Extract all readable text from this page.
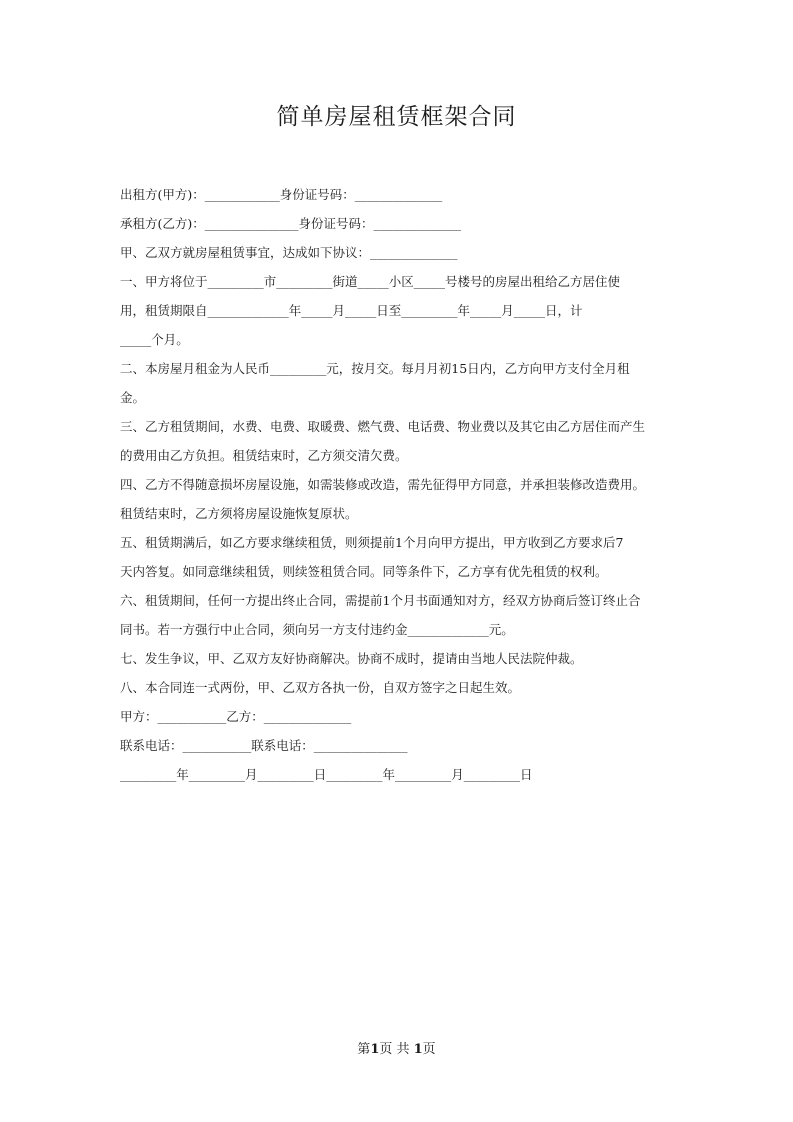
简单房屋租赁框架合同
出租方(甲方)：____________身份证号码：______________
承租方(乙方)：_______________身份证号码：______________
甲、乙双方就房屋租赁事宜，达成如下协议：______________
一、甲方将位于_________市_________街道_____小区_____号楼号的房屋出租给乙方居住使
用，租赁期限自_____________年_____月_____日至_________年_____月_____日，计
_____个月。
二、本房屋月租金为人民币_________元，按月交。每月月初15日内，乙方向甲方支付全月租
金。
三、乙方租赁期间，水费、电费、取暖费、燃气费、电话费、物业费以及其它由乙方居住而产生
的费用由乙方负担。租赁结束时，乙方须交清欠费。
四、乙方不得随意损坏房屋设施，如需装修或改造，需先征得甲方同意，并承担装修改造费用。
租赁结束时，乙方须将房屋设施恢复原状。
五、租赁期满后，如乙方要求继续租赁，则须提前1个月向甲方提出，甲方收到乙方要求后7
天内答复。如同意继续租赁，则续签租赁合同。同等条件下，乙方享有优先租赁的权利。
六、租赁期间，任何一方提出终止合同，需提前1个月书面通知对方，经双方协商后签订终止合
同书。若一方强行中止合同，须向另一方支付违约金_____________元。
七、发生争议，甲、乙双方友好协商解决。协商不成时，提请由当地人民法院仲裁。
八、本合同连一式两份，甲、乙双方各执一份，自双方签字之日起生效。
甲方：___________乙方：______________
联系电话：___________联系电话：_______________
_________年_________月_________日_________年_________月_________日
第1页 共 1页
